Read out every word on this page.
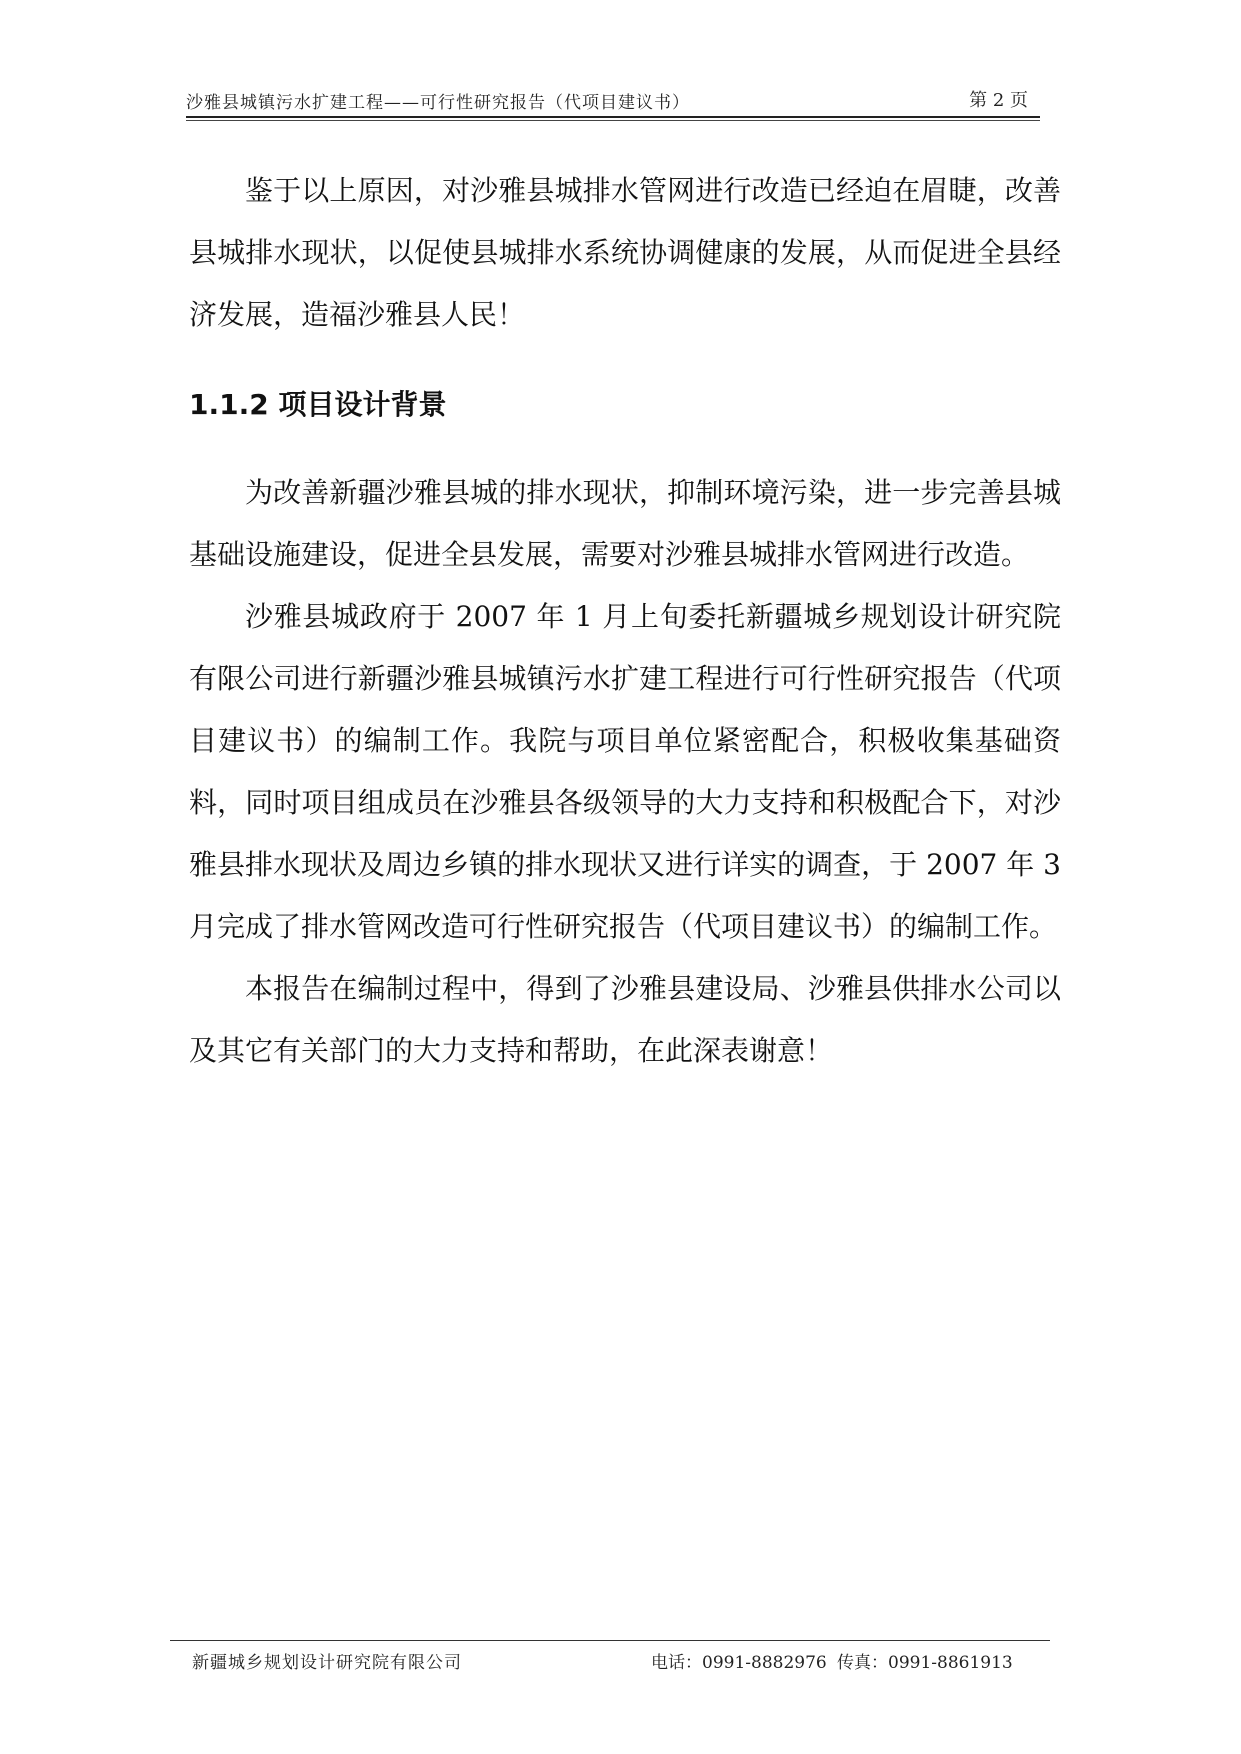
沙雅县城镇污水扩建工程——可行性研究报告（代项目建议书）	第 2 页

鉴于以上原因，对沙雅县城排水管网进行改造已经迫在眉睫，改善县城排水现状，以促使县城排水系统协调健康的发展，从而促进全县经济发展，造福沙雅县人民！

1.1.2 项目设计背景

为改善新疆沙雅县城的排水现状，抑制环境污染，进一步完善县城基础设施建设，促进全县发展，需要对沙雅县城排水管网进行改造。

沙雅县城政府于 2007 年 1 月上旬委托新疆城乡规划设计研究院有限公司进行新疆沙雅县城镇污水扩建工程进行可行性研究报告（代项目建议书）的编制工作。我院与项目单位紧密配合，积极收集基础资料，同时项目组成员在沙雅县各级领导的大力支持和积极配合下，对沙雅县排水现状及周边乡镇的排水现状又进行详实的调查，于 2007 年 3 月完成了排水管网改造可行性研究报告（代项目建议书）的编制工作。

本报告在编制过程中，得到了沙雅县建设局、沙雅县供排水公司以及其它有关部门的大力支持和帮助，在此深表谢意！

新疆城乡规划设计研究院有限公司	电话：0991-8882976 传真：0991-8861913
